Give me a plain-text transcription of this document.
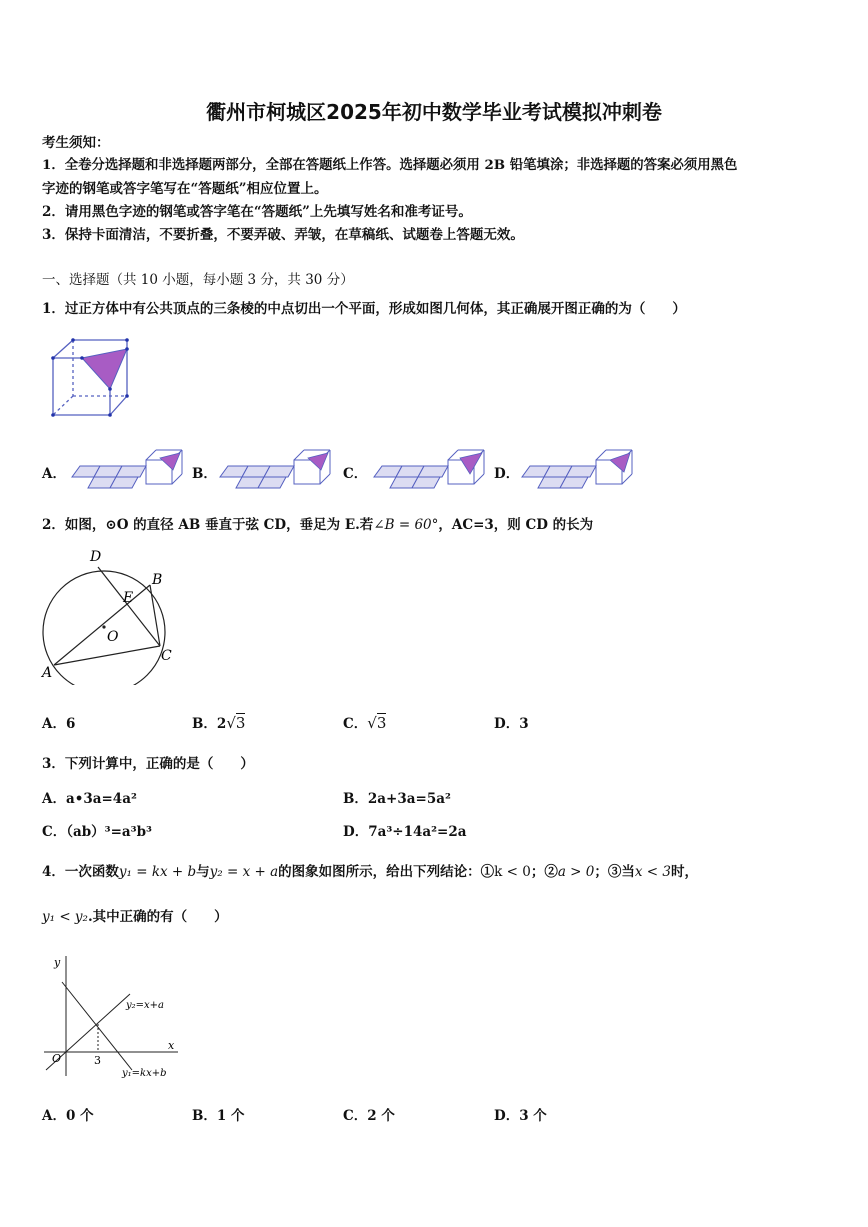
衢州市柯城区2025年初中数学毕业考试模拟冲刺卷
考生须知：
1．全卷分选择题和非选择题两部分，全部在答题纸上作答。选择题必须用 2B 铅笔填涂；非选择题的答案必须用黑色
字迹的钢笔或答字笔写在“答题纸”相应位置上。
2．请用黑色字迹的钢笔或答字笔在“答题纸”上先填写姓名和准考证号。
3．保持卡面清洁，不要折叠，不要弄破、弄皱，在草稿纸、试题卷上答题无效。
一、选择题（共 10 小题，每小题 3 分，共 30 分）
1．过正方体中有公共顶点的三条棱的中点切出一个平面，形成如图几何体，其正确展开图正确的为（　　）
A．	B．	C．	D．
2．如图，⊙O 的直径 AB 垂直于弦 CD，垂足为 E.若∠B = 60°，AC=3，则 CD 的长为
D
B
E
O
A
C
A．6	B．2√3	C．√3	D．3
3．下列计算中，正确的是（　　）
A．a•3a=4a²	B．2a+3a=5a²
C．（ab）³=a³b³	D．7a³÷14a²=2a
4．一次函数y₁ = kx + b与y₂ = x + a的图象如图所示，给出下列结论：①k < 0；②a > 0；③当x < 3时，
y₁ < y₂.其中正确的有（　　）
y
x
O	3
y₂=x+a
y₁=kx+b
A．0 个	B．1 个	C．2 个	D．3 个
